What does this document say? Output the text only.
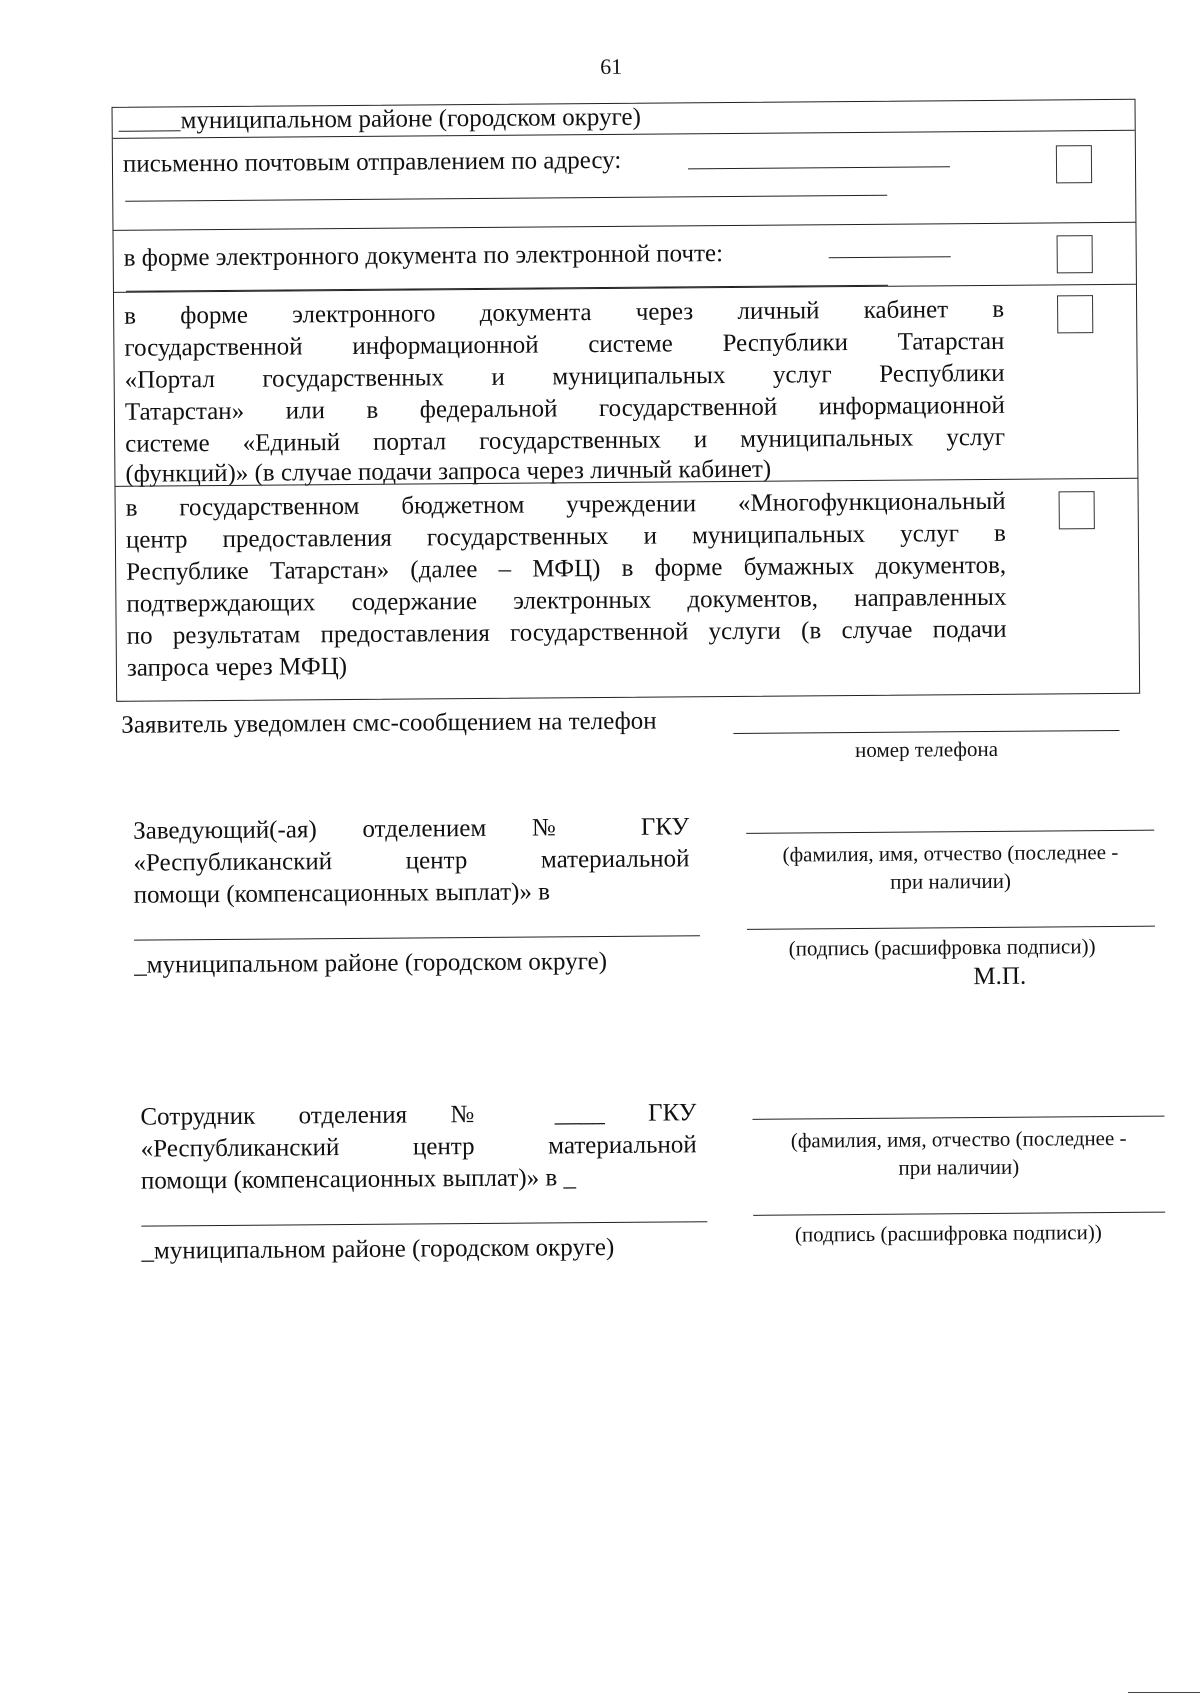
61
муниципальном районе (городском округе)
письменно почтовым отправлением по адресу:
в форме электронного документа по электронной почте:
в форме электронного документа через личный кабинет в
государственной информационной системе Республики Татарстан
«Портал государственных и муниципальных услуг Республики
Татарстан» или в федеральной государственной информационной
системе «Единый портал государственных и муниципальных услуг
(функций)» (в случае подачи запроса через личный кабинет)
в государственном бюджетном учреждении «Многофункциональный
центр предоставления государственных и муниципальных услуг в
Республике Татарстан» (далее – МФЦ) в форме бумажных документов,
подтверждающих содержание электронных документов, направленных
по результатам предоставления государственной услуги (в случае подачи
запроса через МФЦ)
Заявитель уведомлен смс-сообщением на телефон
номер телефона
Заведующий(-ая) отделением № ГКУ
«Республиканский центр материальной
помощи (компенсационных выплат)» в
_муниципальном районе (городском округе)
(фамилия, имя, отчество (последнее -
при наличии)
(подпись (расшифровка подписи))
М.П.
Сотрудник отделения № ____ ГКУ
«Республиканский центр материальной
помощи (компенсационных выплат)» в _
_муниципальном районе (городском округе)
(фамилия, имя, отчество (последнее -
при наличии)
(подпись (расшифровка подписи))
